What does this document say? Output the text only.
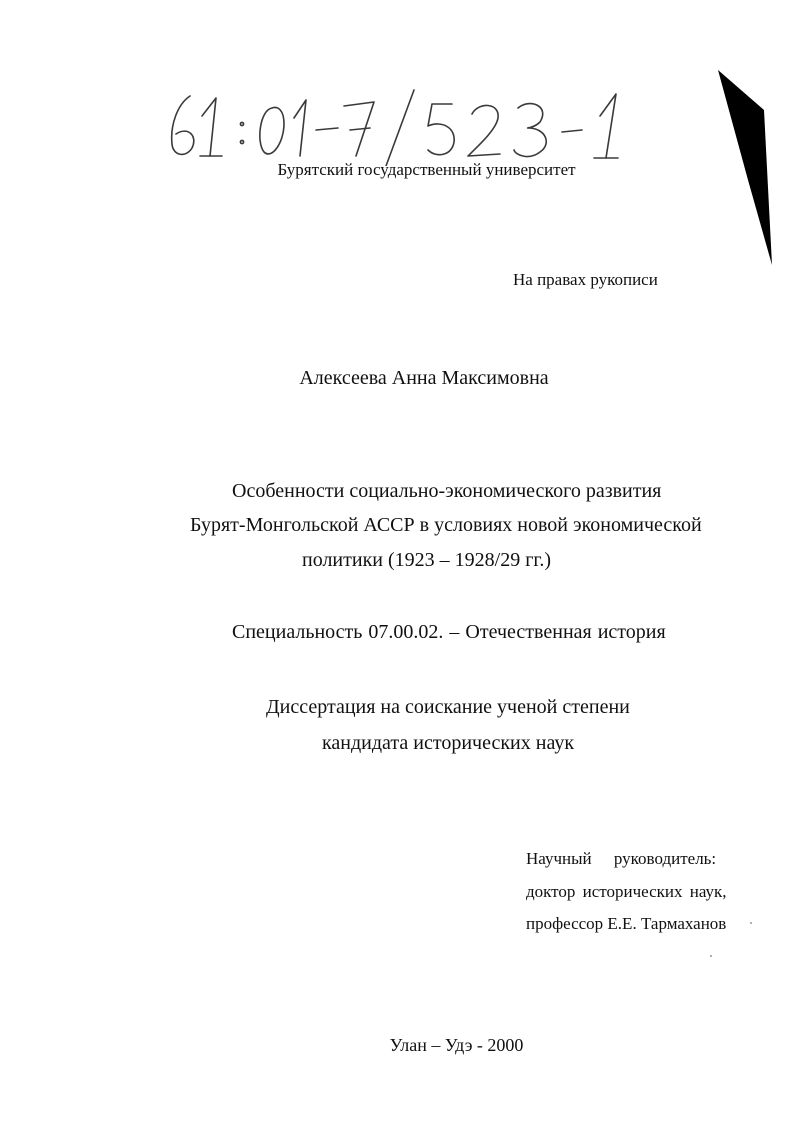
Бурятский государственный университет
На правах рукописи
Алексеева Анна Максимовна
Особенности социально-экономического развития
Бурят-Монгольской АССР в условиях новой экономической
политики (1923 – 1928/29 гг.)
Специальность 07.00.02. – Отечественная история
Диссертация на соискание ученой степени
кандидата исторических наук
Научный руководитель:
доктор исторических наук,
профессор Е.Е. Тармаханов
Улан – Удэ - 2000
